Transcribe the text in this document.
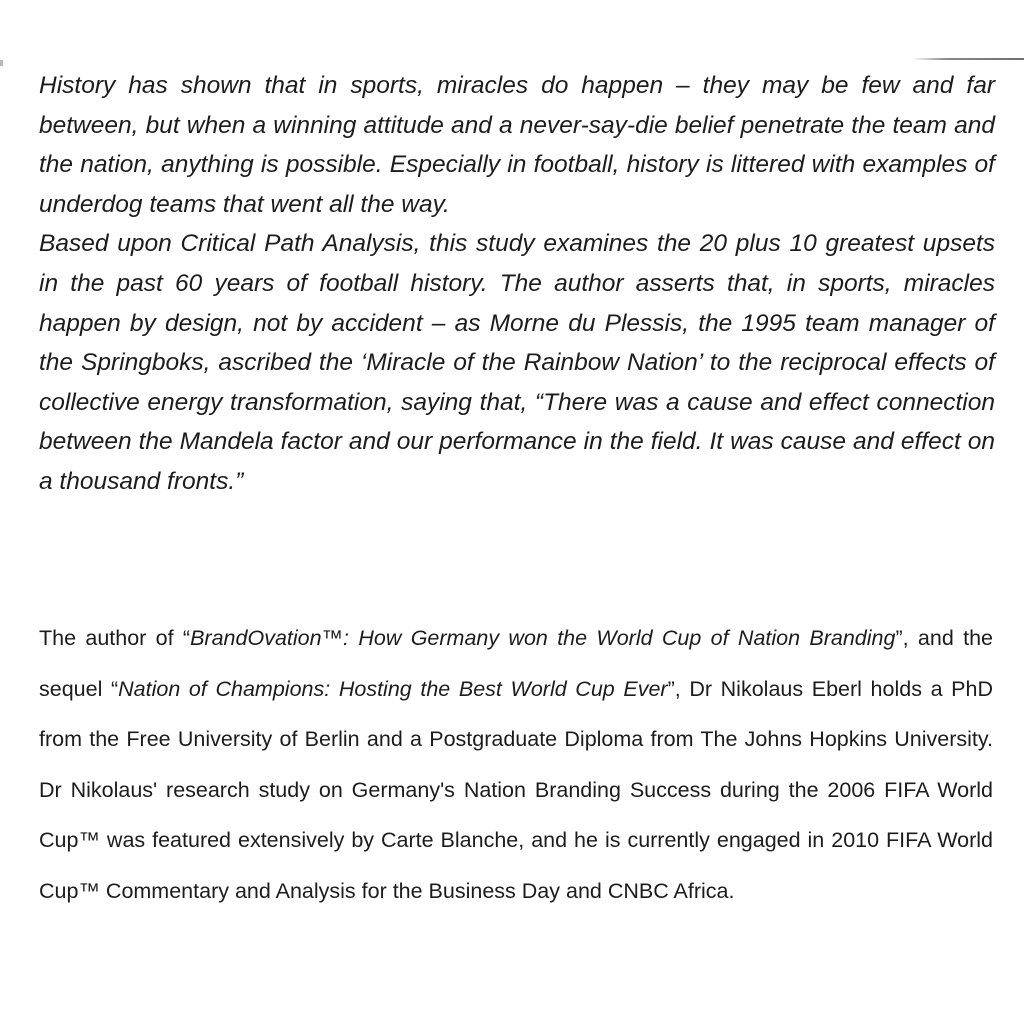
History has shown that in sports, miracles do happen – they may be few and far between, but when a winning attitude and a never-say-die belief penetrate the team and the nation, anything is possible. Especially in football, history is littered with examples of underdog teams that went all the way.

Based upon Critical Path Analysis, this study examines the 20 plus 10 greatest upsets in the past 60 years of football history. The author asserts that, in sports, miracles happen by design, not by accident – as Morne du Plessis, the 1995 team manager of the Springboks, ascribed the ‘Miracle of the Rainbow Nation’ to the reciprocal effects of collective energy transformation, saying that, “There was a cause and effect connection between the Mandela factor and our performance in the field. It was cause and effect on a thousand fronts.”

The author of “BrandOvation™: How Germany won the World Cup of Nation Branding”, and the sequel “Nation of Champions: Hosting the Best World Cup Ever”, Dr Nikolaus Eberl holds a PhD from the Free University of Berlin and a Postgraduate Diploma from The Johns Hopkins University. Dr Nikolaus' research study on Germany's Nation Branding Success during the 2006 FIFA World Cup™ was featured extensively by Carte Blanche, and he is currently engaged in 2010 FIFA World Cup™ Commentary and Analysis for the Business Day and CNBC Africa.
